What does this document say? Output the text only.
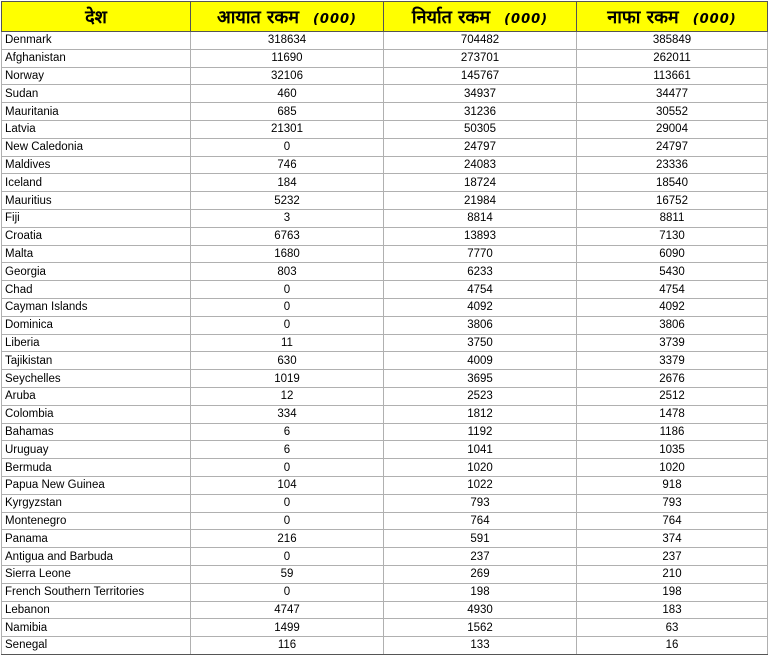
देश	आयात रकम (000)	निर्यात रकम (000)	नाफा रकम (000)
Denmark	318634	704482	385849
Afghanistan	11690	273701	262011
Norway	32106	145767	113661
Sudan	460	34937	34477
Mauritania	685	31236	30552
Latvia	21301	50305	29004
New Caledonia	0	24797	24797
Maldives	746	24083	23336
Iceland	184	18724	18540
Mauritius	5232	21984	16752
Fiji	3	8814	8811
Croatia	6763	13893	7130
Malta	1680	7770	6090
Georgia	803	6233	5430
Chad	0	4754	4754
Cayman Islands	0	4092	4092
Dominica	0	3806	3806
Liberia	11	3750	3739
Tajikistan	630	4009	3379
Seychelles	1019	3695	2676
Aruba	12	2523	2512
Colombia	334	1812	1478
Bahamas	6	1192	1186
Uruguay	6	1041	1035
Bermuda	0	1020	1020
Papua New Guinea	104	1022	918
Kyrgyzstan	0	793	793
Montenegro	0	764	764
Panama	216	591	374
Antigua and Barbuda	0	237	237
Sierra Leone	59	269	210
French Southern Territories	0	198	198
Lebanon	4747	4930	183
Namibia	1499	1562	63
Senegal	116	133	16
